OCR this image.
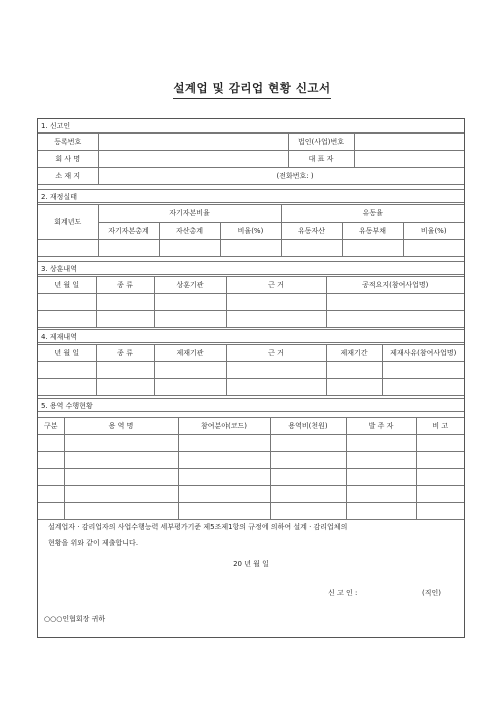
설계업 및 감리업 현황 신고서
1. 신고인
등록번호		법인(사업)번호	
회 사 명		대 표 자	
소 재 지	(전화번호: )		
2. 재정실태
회계년도	자기자본비율			유동율		
	자기자본총계	자산총계	비율(%)	유동자산	유동부채	비율(%)

3. 상훈내역
년 월 일	종 류	상훈기관	근 거	공적요지(참여사업명)

4. 제재내역
년 월 일	종 류	제재기관	근 거	제재기간	제재사유(참여사업명)

5. 용역 수행현황
구분	용 역 명	참여분야(코드)	용역비(천원)	발 주 자	비 고

설계업자 · 감리업자의 사업수행능력 세부평가기준 제5조제1항의 규정에 의하여 설계 · 감리업체의
현황을 위와 같이 제출합니다.
20 년 월 일
신 고 인 :	(직인)
○○○인협회장 귀하
